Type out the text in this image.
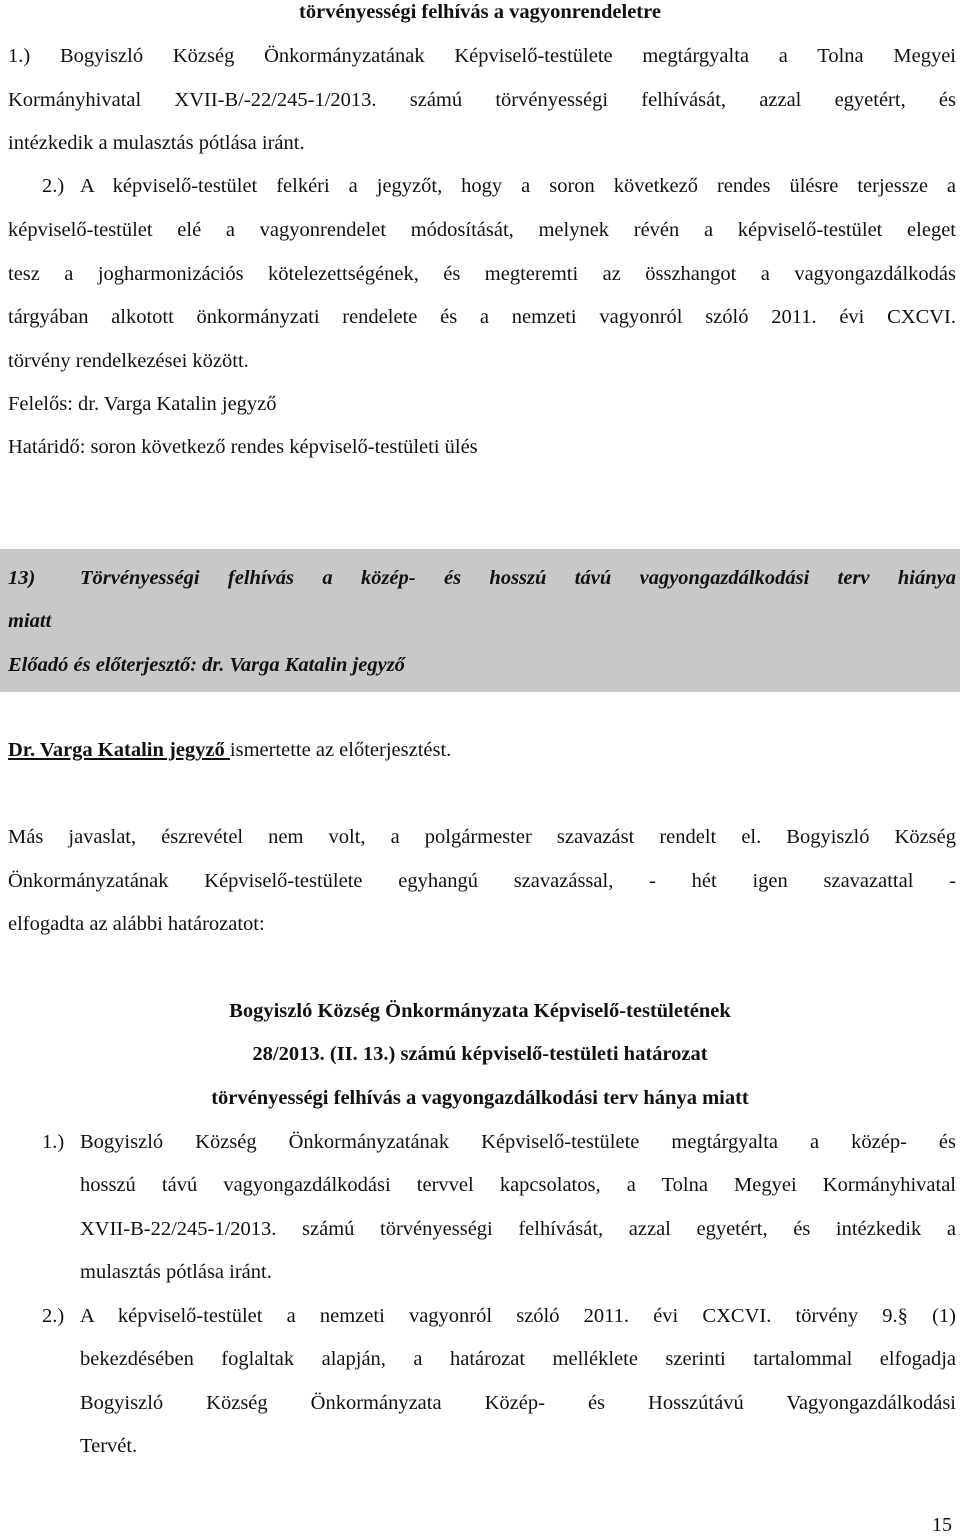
törvényességi felhívás a vagyonrendeletre
1.) Bogyiszló Község Önkormányzatának Képviselő-testülete megtárgyalta a Tolna Megyei
Kormányhivatal XVII-B/-22/245-1/2013. számú törvényességi felhívását, azzal egyetért, és
intézkedik a mulasztás pótlása iránt.
2.) A képviselő-testület felkéri a jegyzőt, hogy a soron következő rendes ülésre terjessze a
képviselő-testület elé a vagyonrendelet módosítását, melynek révén a képviselő-testület eleget
tesz a jogharmonizációs kötelezettségének, és megteremti az összhangot a vagyongazdálkodás
tárgyában alkotott önkormányzati rendelete és a nemzeti vagyonról szóló 2011. évi CXCVI.
törvény rendelkezései között.
Felelős: dr. Varga Katalin jegyző
Határidő: soron következő rendes képviselő-testületi ülés
13) Törvényességi felhívás a közép- és hosszú távú vagyongazdálkodási terv hiánya
miatt
Előadó és előterjesztő: dr. Varga Katalin jegyző
Dr. Varga Katalin jegyző ismertette az előterjesztést.
Más javaslat, észrevétel nem volt, a polgármester szavazást rendelt el. Bogyiszló Község
Önkormányzatának Képviselő-testülete egyhangú szavazással, - hét igen szavazattal -
elfogadta az alábbi határozatot:
Bogyiszló Község Önkormányzata Képviselő-testületének
28/2013. (II. 13.) számú képviselő-testületi határozat
törvényességi felhívás a vagyongazdálkodási terv hánya miatt
1.) Bogyiszló Község Önkormányzatának Képviselő-testülete megtárgyalta a közép- és
hosszú távú vagyongazdálkodási tervvel kapcsolatos, a Tolna Megyei Kormányhivatal
XVII-B-22/245-1/2013. számú törvényességi felhívását, azzal egyetért, és intézkedik a
mulasztás pótlása iránt.
2.) A képviselő-testület a nemzeti vagyonról szóló 2011. évi CXCVI. törvény 9.§ (1)
bekezdésében foglaltak alapján, a határozat melléklete szerinti tartalommal elfogadja
Bogyiszló Község Önkormányzata Közép- és Hosszútávú Vagyongazdálkodási
Tervét.
15
